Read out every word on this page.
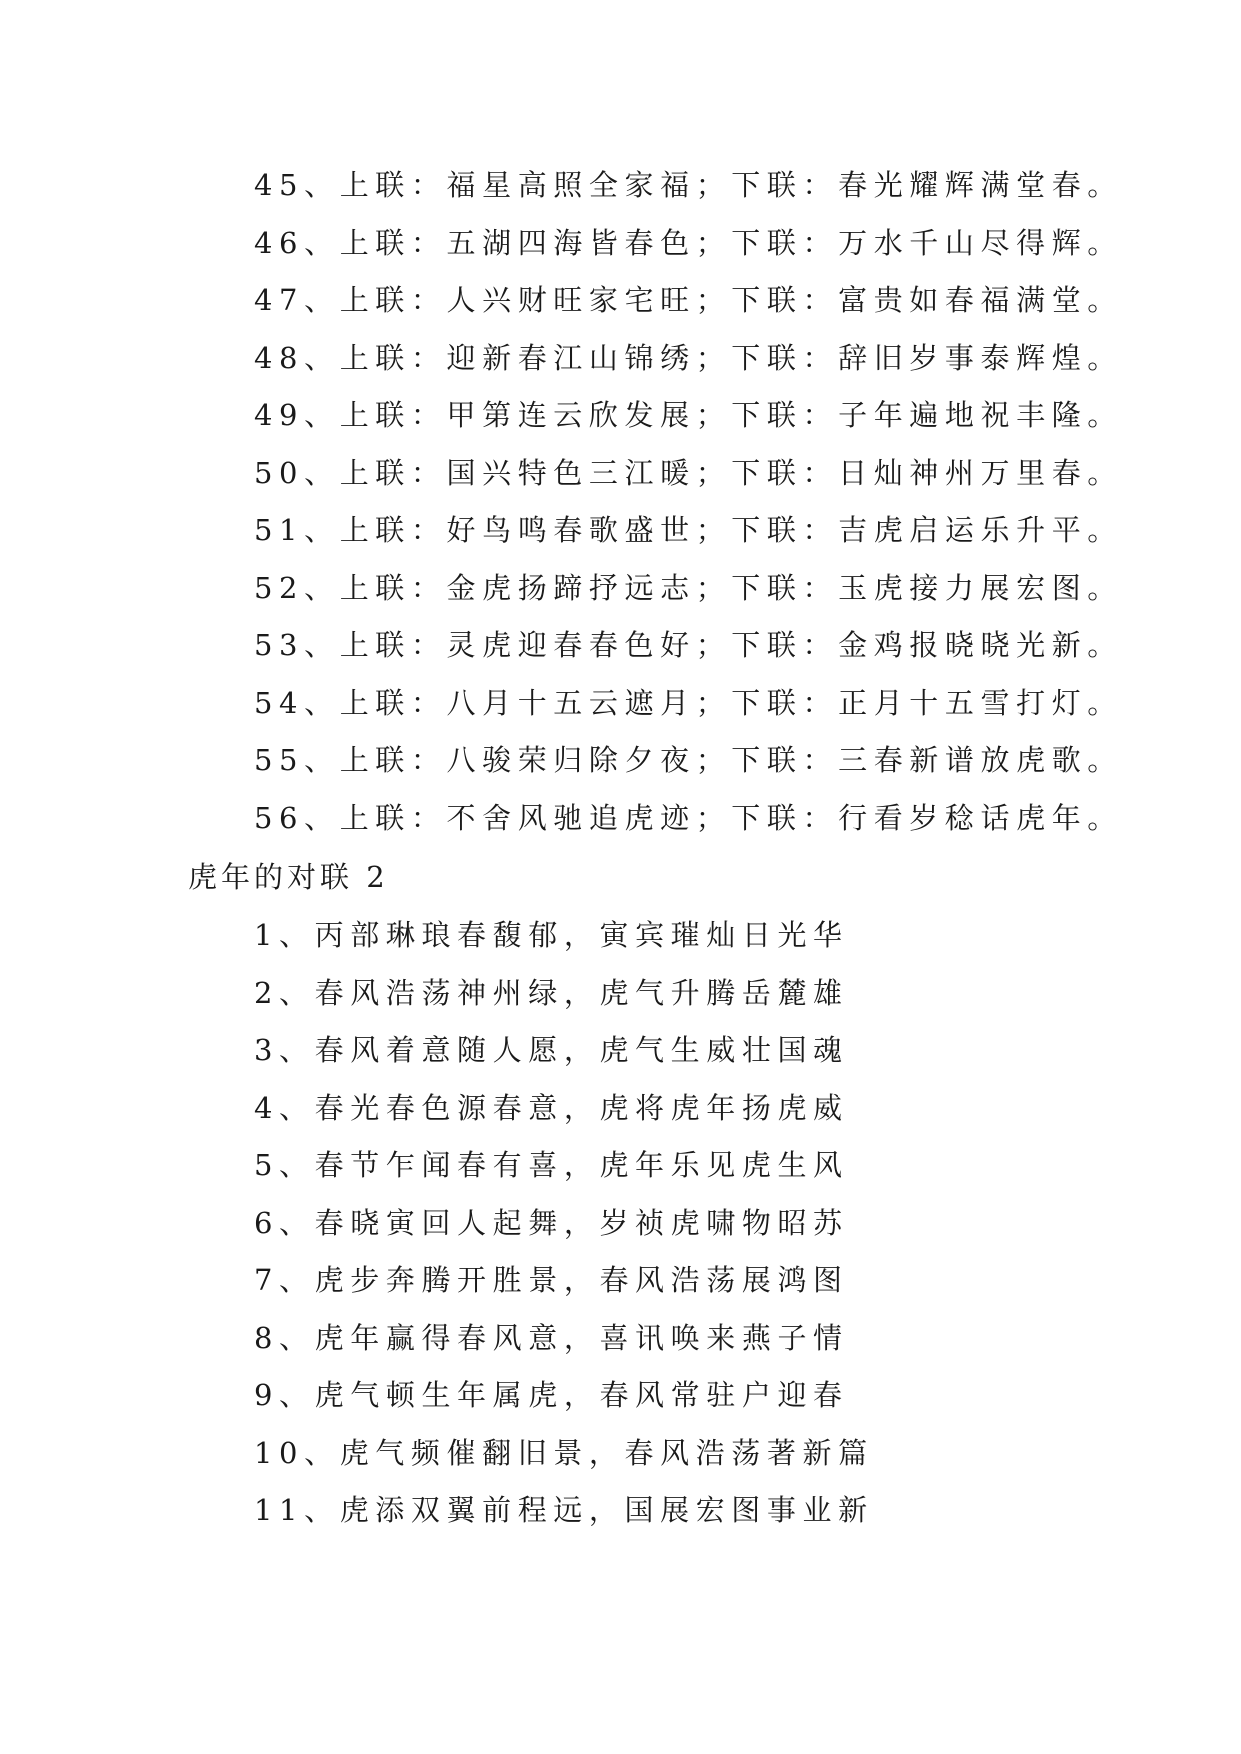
45、上联：福星高照全家福；下联：春光耀辉满堂春。
46、上联：五湖四海皆春色；下联：万水千山尽得辉。
47、上联：人兴财旺家宅旺；下联：富贵如春福满堂。
48、上联：迎新春江山锦绣；下联：辞旧岁事泰辉煌。
49、上联：甲第连云欣发展；下联：子年遍地祝丰隆。
50、上联：国兴特色三江暖；下联：日灿神州万里春。
51、上联：好鸟鸣春歌盛世；下联：吉虎启运乐升平。
52、上联：金虎扬蹄抒远志；下联：玉虎接力展宏图。
53、上联：灵虎迎春春色好；下联：金鸡报晓晓光新。
54、上联：八月十五云遮月；下联：正月十五雪打灯。
55、上联：八骏荣归除夕夜；下联：三春新谱放虎歌。
56、上联：不舍风驰追虎迹；下联：行看岁稔话虎年。
虎年的对联 2
1、丙部琳琅春馥郁，寅宾璀灿日光华
2、春风浩荡神州绿，虎气升腾岳麓雄
3、春风着意随人愿，虎气生威壮国魂
4、春光春色源春意，虎将虎年扬虎威
5、春节乍闻春有喜，虎年乐见虎生风
6、春晓寅回人起舞，岁祯虎啸物昭苏
7、虎步奔腾开胜景，春风浩荡展鸿图
8、虎年赢得春风意，喜讯唤来燕子情
9、虎气顿生年属虎，春风常驻户迎春
10、虎气频催翻旧景，春风浩荡著新篇
11、虎添双翼前程远，国展宏图事业新
